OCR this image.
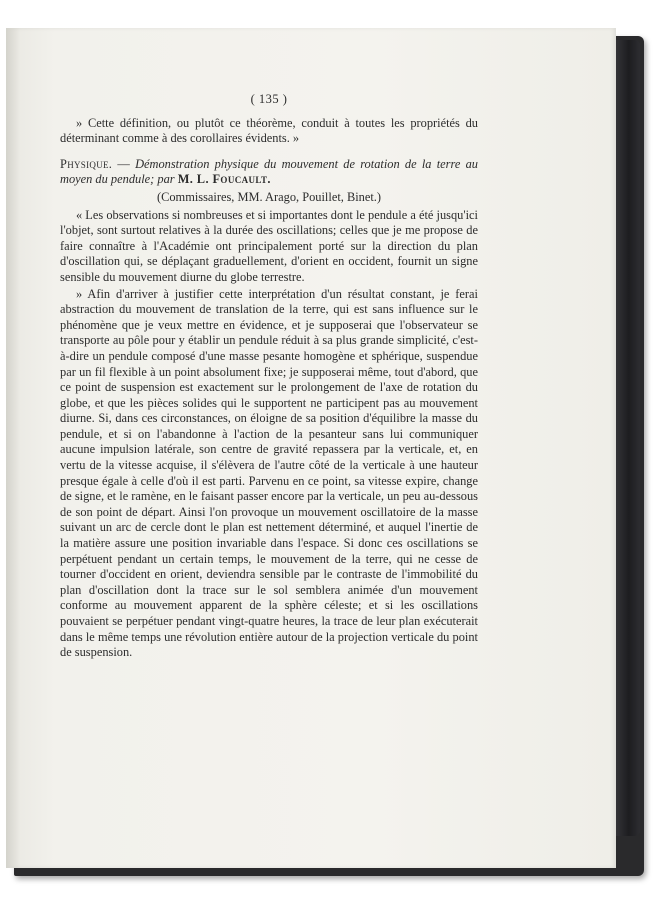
( 135 )

» Cette définition, ou plutôt ce théorème, conduit à toutes les propriétés du déterminant comme à des corollaires évidents. »

Physique. — Démonstration physique du mouvement de rotation de la terre au moyen du pendule; par M. L. Foucault.

(Commissaires, MM. Arago, Pouillet, Binet.)

« Les observations si nombreuses et si importantes dont le pendule a été jusqu'ici l'objet, sont surtout relatives à la durée des oscillations; celles que je me propose de faire connaître à l'Académie ont principalement porté sur la direction du plan d'oscillation qui, se déplaçant graduellement, d'orient en occident, fournit un signe sensible du mouvement diurne du globe terrestre.

» Afin d'arriver à justifier cette interprétation d'un résultat constant, je ferai abstraction du mouvement de translation de la terre, qui est sans influence sur le phénomène que je veux mettre en évidence, et je supposerai que l'observateur se transporte au pôle pour y établir un pendule réduit à sa plus grande simplicité, c'est-à-dire un pendule composé d'une masse pesante homogène et sphérique, suspendue par un fil flexible à un point absolument fixe; je supposerai même, tout d'abord, que ce point de suspension est exactement sur le prolongement de l'axe de rotation du globe, et que les pièces solides qui le supportent ne participent pas au mouvement diurne. Si, dans ces circonstances, on éloigne de sa position d'équilibre la masse du pendule, et si on l'abandonne à l'action de la pesanteur sans lui communiquer aucune impulsion latérale, son centre de gravité repassera par la verticale, et, en vertu de la vitesse acquise, il s'élèvera de l'autre côté de la verticale à une hauteur presque égale à celle d'où il est parti. Parvenu en ce point, sa vitesse expire, change de signe, et le ramène, en le faisant passer encore par la verticale, un peu au-dessous de son point de départ. Ainsi l'on provoque un mouvement oscillatoire de la masse suivant un arc de cercle dont le plan est nettement déterminé, et auquel l'inertie de la matière assure une position invariable dans l'espace. Si donc ces oscillations se perpétuent pendant un certain temps, le mouvement de la terre, qui ne cesse de tourner d'occident en orient, deviendra sensible par le contraste de l'immobilité du plan d'oscillation dont la trace sur le sol semblera animée d'un mouvement conforme au mouvement apparent de la sphère céleste; et si les oscillations pouvaient se perpétuer pendant vingt-quatre heures, la trace de leur plan exécuterait dans le même temps une révolution entière autour de la projection verticale du point de suspension.
